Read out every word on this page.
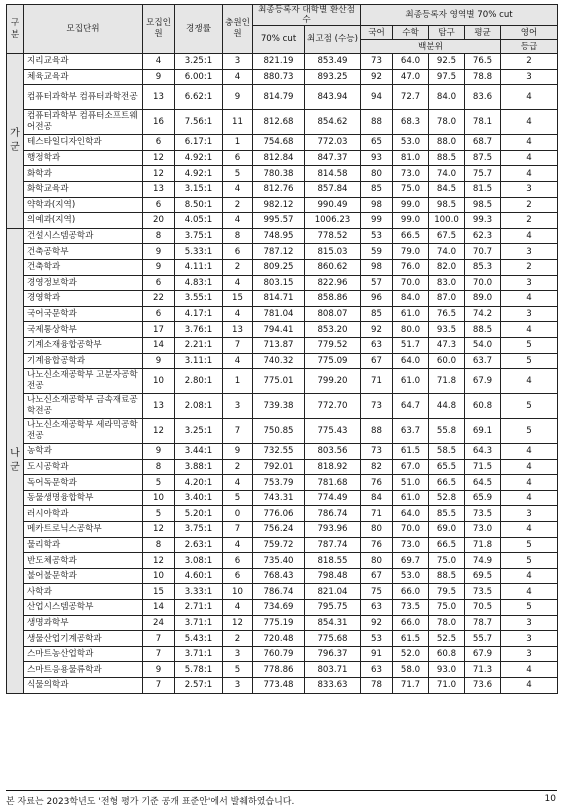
구분	모집단위	모집인원	경쟁률	충원인원	최종등록자 대학별 환산점수		최종등록자 영역별 70% cut				
					70% cut	최고점 (수능)	국어	수학	탐구	평균	영어
							백분위				등급
가군	지리교육과	4	3.25:1	3	821.19	853.49	73	64.0	92.5	76.5	2
	체육교육과	9	6.00:1	4	880.73	893.25	92	47.0	97.5	78.8	3
	컴퓨터과학부 컴퓨터과학전공	13	6.62:1	9	814.79	843.94	94	72.7	84.0	83.6	4
	컴퓨터과학부 컴퓨터소프트웨어전공	16	7.56:1	11	812.68	854.62	88	68.3	78.0	78.1	4
	테스타일디자인학과	6	6.17:1	1	754.68	772.03	65	53.0	88.0	68.7	4
	행정학과	12	4.92:1	6	812.84	847.37	93	81.0	88.5	87.5	4
	화학과	12	4.92:1	5	780.38	814.58	80	73.0	74.0	75.7	4
	화학교육과	13	3.15:1	4	812.76	857.84	85	75.0	84.5	81.5	3
	약학과(지역)	6	8.50:1	2	982.12	990.49	98	99.0	98.5	98.5	2
	의예과(지역)	20	4.05:1	4	995.57	1006.23	99	99.0	100.0	99.3	2
나군	건설시스템공학과	8	3.75:1	8	748.95	778.52	53	66.5	67.5	62.3	4
	건축공학부	9	5.33:1	6	787.12	815.03	59	79.0	74.0	70.7	3
	건축학과	9	4.11:1	2	809.25	860.62	98	76.0	82.0	85.3	2
	경영정보학과	6	4.83:1	4	803.15	822.96	57	70.0	83.0	70.0	3
	경영학과	22	3.55:1	15	814.71	858.86	96	84.0	87.0	89.0	4
	국어국문학과	6	4.17:1	4	781.04	808.07	85	61.0	76.5	74.2	3
	국제통상학부	17	3.76:1	13	794.41	853.20	92	80.0	93.5	88.5	4
	기계소재융합공학부	14	2.21:1	7	713.87	779.52	63	51.7	47.3	54.0	5
	기계융합공학과	9	3.11:1	4	740.32	775.09	67	64.0	60.0	63.7	5
	나노신소재공학부 고분자공학전공	10	2.80:1	1	775.01	799.20	71	61.0	71.8	67.9	4
	나노신소재공학부 금속재료공학전공	13	2.08:1	3	739.38	772.70	73	64.7	44.8	60.8	5
	나노신소재공학부 세라믹공학전공	12	3.25:1	7	750.85	775.43	88	63.7	55.8	69.1	5
	농학과	9	3.44:1	9	732.55	803.56	73	61.5	58.5	64.3	4
	도시공학과	8	3.88:1	2	792.01	818.92	82	67.0	65.5	71.5	4
	독어독문학과	5	4.20:1	4	753.79	781.68	76	51.0	66.5	64.5	4
	동물생명융합학부	10	3.40:1	5	743.31	774.49	84	61.0	52.8	65.9	4
	러시아학과	5	5.20:1	0	776.06	786.74	71	64.0	85.5	73.5	3
	메카트로닉스공학부	12	3.75:1	7	756.24	793.96	80	70.0	69.0	73.0	4
	물리학과	8	2.63:1	4	759.72	787.74	76	73.0	66.5	71.8	5
	반도체공학과	12	3.08:1	6	735.40	818.55	80	69.7	75.0	74.9	5
	불어불문학과	10	4.60:1	6	768.43	798.48	67	53.0	88.5	69.5	4
	사학과	15	3.33:1	10	786.74	821.04	75	66.0	79.5	73.5	4
	산업시스템공학부	14	2.71:1	4	734.69	795.75	63	73.5	75.0	70.5	5
	생명과학부	24	3.71:1	12	775.19	854.31	92	66.0	78.0	78.7	3
	생물산업기계공학과	7	5.43:1	2	720.48	775.68	53	61.5	52.5	55.7	3
	스마트농산업학과	7	3.71:1	3	760.79	796.37	91	52.0	60.8	67.9	3
	스마트응용물류학과	9	5.78:1	5	778.86	803.71	63	58.0	93.0	71.3	4
	식물의학과	7	2.57:1	3	773.48	833.63	78	71.7	71.0	73.6	4
본 자료는 2023학년도 '전형 평가 기준 공개 표준안'에서 발췌하였습니다.	10
